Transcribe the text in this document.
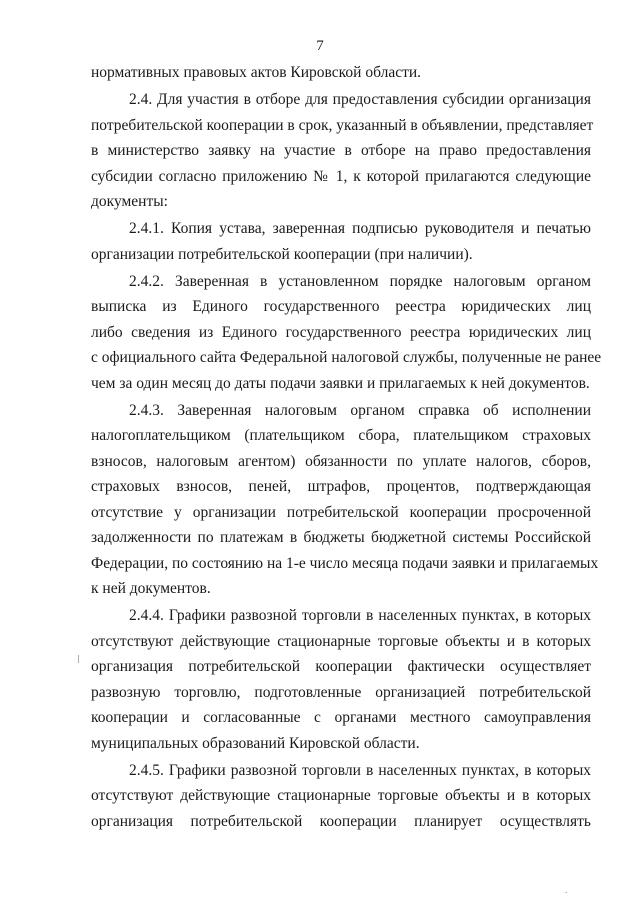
7
нормативных правовых актов Кировской области.
2.4. Для участия в отборе для предоставления субсидии организация
потребительской кооперации в срок, указанный в объявлении, представляет
в министерство заявку на участие в отборе на право предоставления
субсидии согласно приложению № 1, к которой прилагаются следующие
документы:
2.4.1. Копия устава, заверенная подписью руководителя и печатью
организации потребительской кооперации (при наличии).
2.4.2. Заверенная в установленном порядке налоговым органом
выписка из Единого государственного реестра юридических лиц
либо сведения из Единого государственного реестра юридических лиц
с официального сайта Федеральной налоговой службы, полученные не ранее
чем за один месяц до даты подачи заявки и прилагаемых к ней документов.
2.4.3. Заверенная налоговым органом справка об исполнении
налогоплательщиком (плательщиком сбора, плательщиком страховых
взносов, налоговым агентом) обязанности по уплате налогов, сборов,
страховых взносов, пеней, штрафов, процентов, подтверждающая
отсутствие у организации потребительской кооперации просроченной
задолженности по платежам в бюджеты бюджетной системы Российской
Федерации, по состоянию на 1-е число месяца подачи заявки и прилагаемых
к ней документов.
2.4.4. Графики развозной торговли в населенных пунктах, в которых
отсутствуют действующие стационарные торговые объекты и в которых
организация потребительской кооперации фактически осуществляет
развозную торговлю, подготовленные организацией потребительской
кооперации и согласованные с органами местного самоуправления
муниципальных образований Кировской области.
2.4.5. Графики развозной торговли в населенных пунктах, в которых
отсутствуют действующие стационарные торговые объекты и в которых
организация потребительской кооперации планирует осуществлять
.
